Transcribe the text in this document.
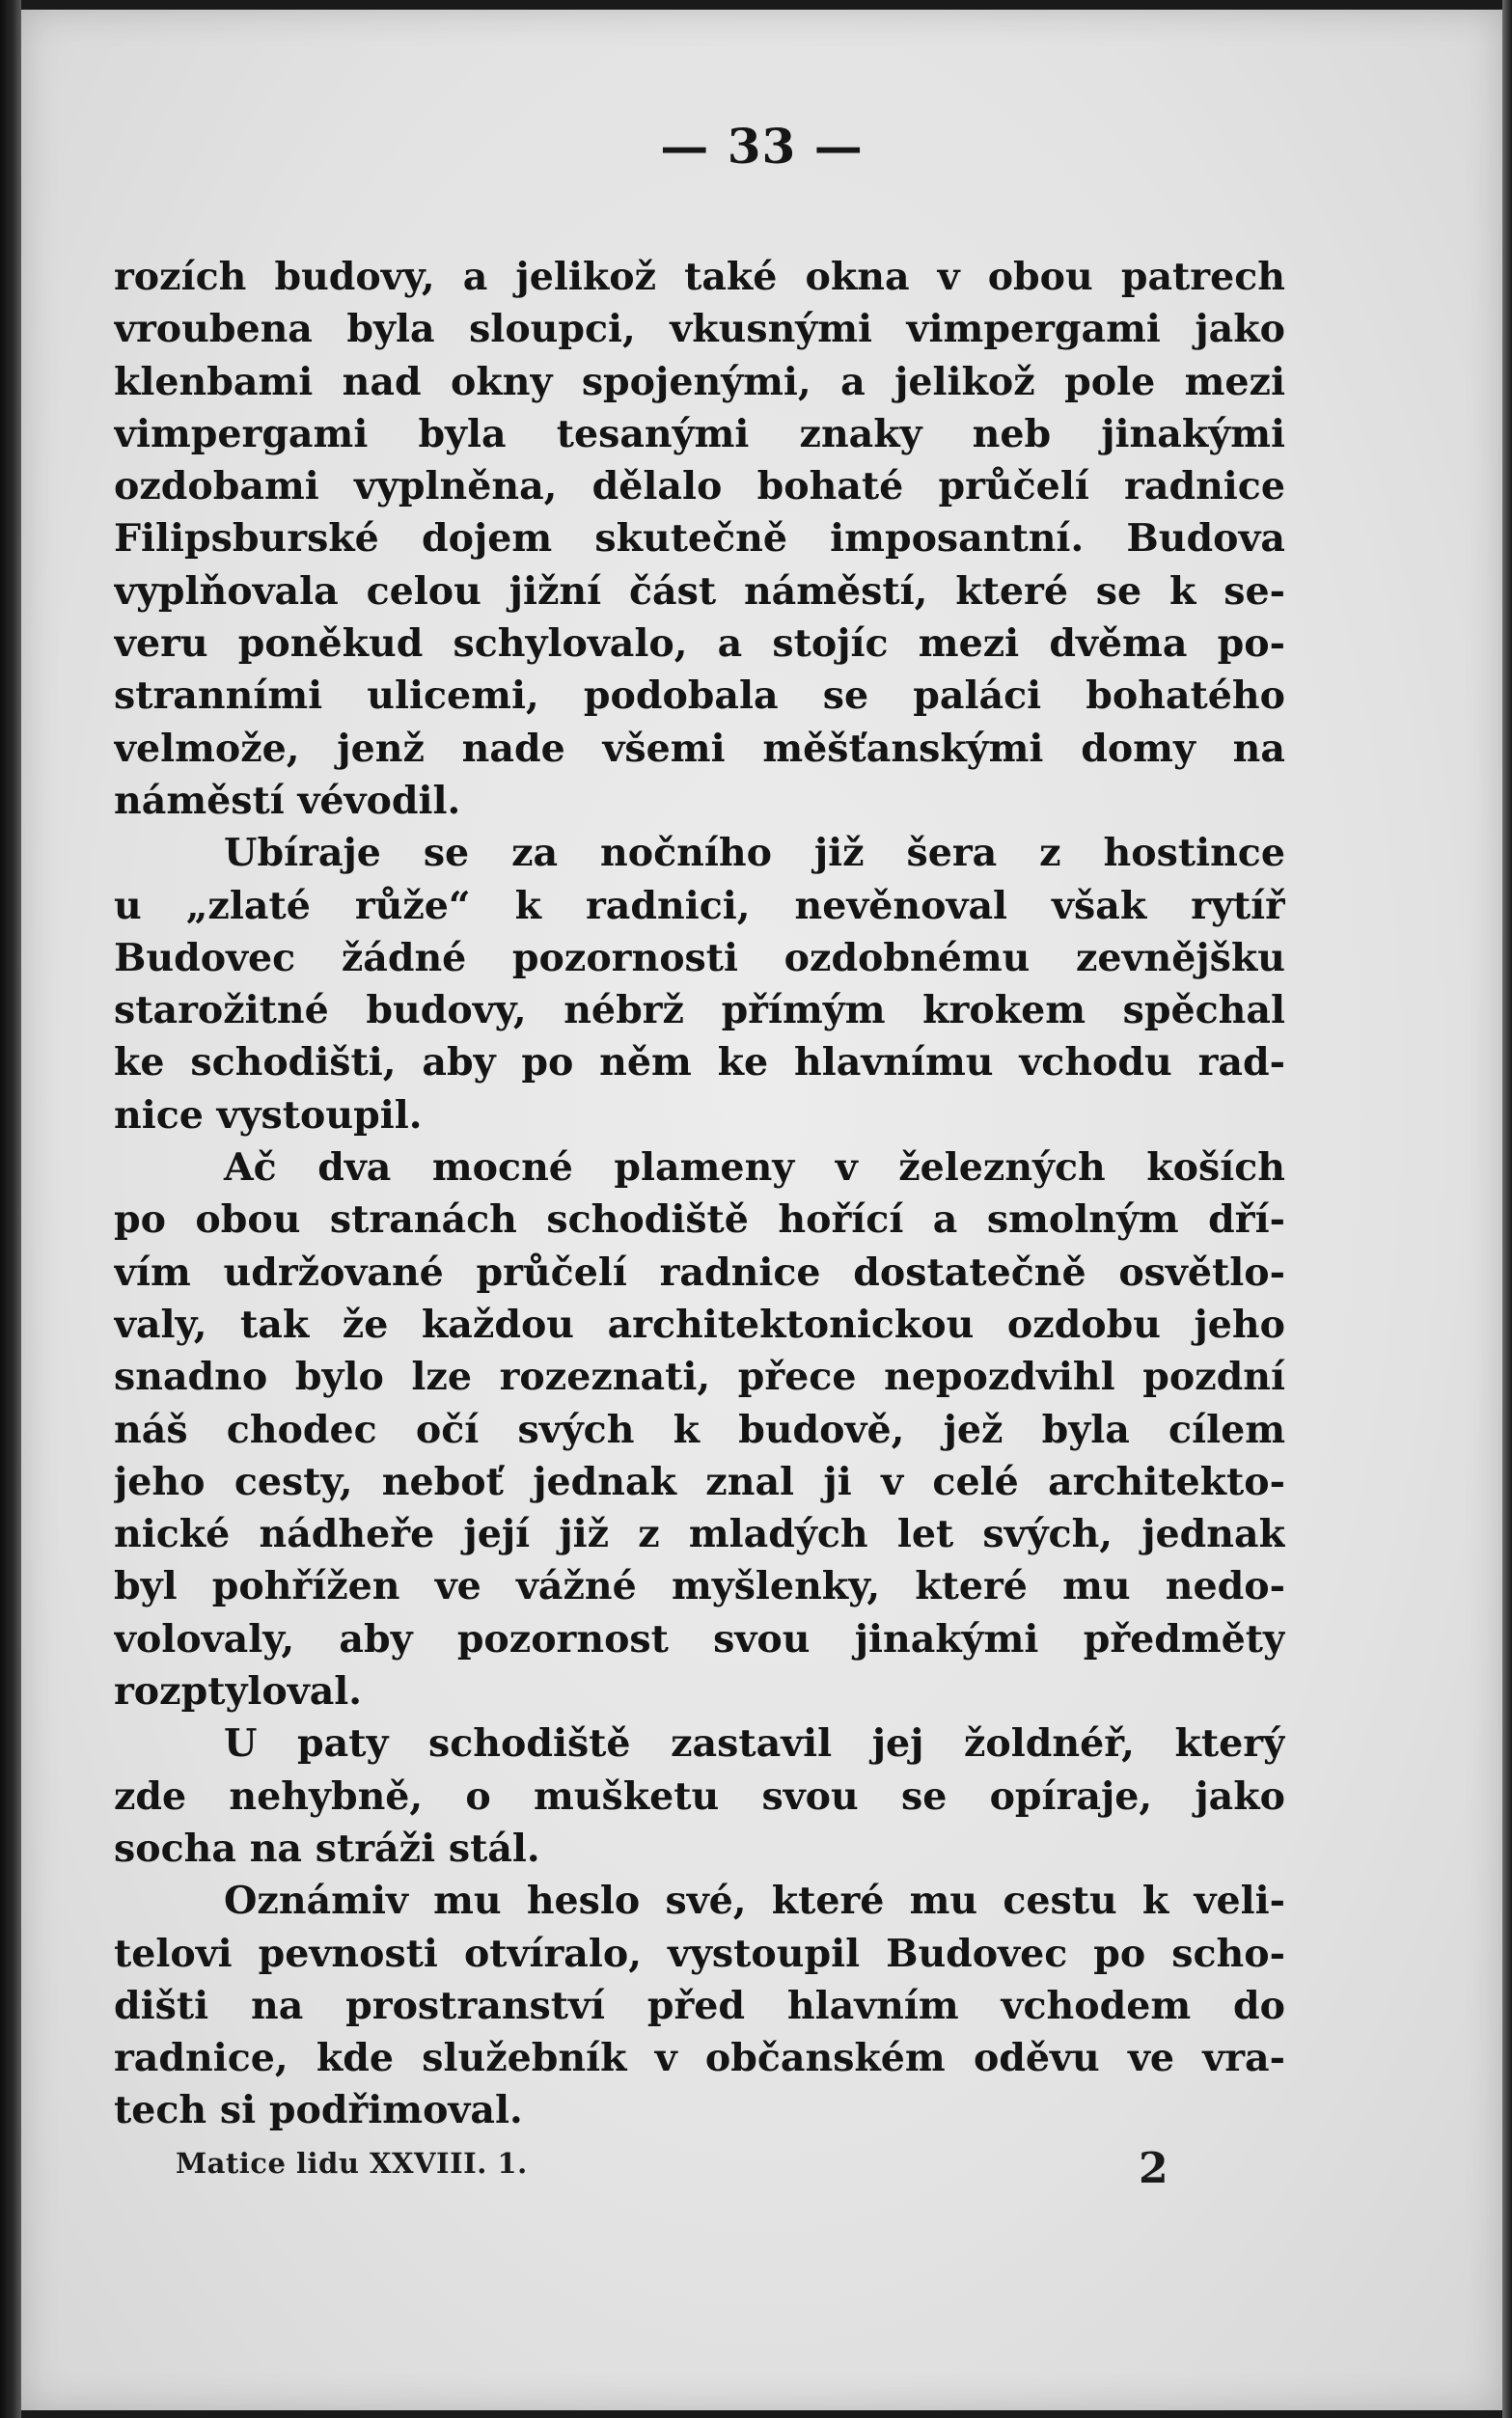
— 33 —
rozích budovy, a jelikož také okna v obou patrech
vroubena byla sloupci, vkusnými vimpergami jako
klenbami nad okny spojenými, a jelikož pole mezi
vimpergami byla tesanými znaky neb jinakými
ozdobami vyplněna, dělalo bohaté průčelí radnice
Filipsburské dojem skutečně imposantní. Budova
vyplňovala celou jižní část náměstí, které se k se-
veru poněkud schylovalo, a stojíc mezi dvěma po-
stranními ulicemi, podobala se paláci bohatého
velmože, jenž nade všemi měšťanskými domy na
náměstí vévodil.
Ubíraje se za nočního již šera z hostince
u „zlaté růže“ k radnici, nevěnoval však rytíř
Budovec žádné pozornosti ozdobnému zevnějšku
starožitné budovy, nébrž přímým krokem spěchal
ke schodišti, aby po něm ke hlavnímu vchodu rad-
nice vystoupil.
Ač dva mocné plameny v železných koších
po obou stranách schodiště hořící a smolným dří-
vím udržované průčelí radnice dostatečně osvětlo-
valy, tak že každou architektonickou ozdobu jeho
snadno bylo lze rozeznati, přece nepozdvihl pozdní
náš chodec očí svých k budově, jež byla cílem
jeho cesty, neboť jednak znal ji v celé architekto-
nické nádheře její již z mladých let svých, jednak
byl pohřížen ve vážné myšlenky, které mu nedo-
volovaly, aby pozornost svou jinakými předměty
rozptyloval.
U paty schodiště zastavil jej žoldnéř, který
zde nehybně, o mušketu svou se opíraje, jako
socha na stráži stál.
Oznámiv mu heslo své, které mu cestu k veli-
telovi pevnosti otvíralo, vystoupil Budovec po scho-
dišti na prostranství před hlavním vchodem do
radnice, kde služebník v občanském oděvu ve vra-
tech si podřimoval.
Matice lidu XXVIII. 1.	2
